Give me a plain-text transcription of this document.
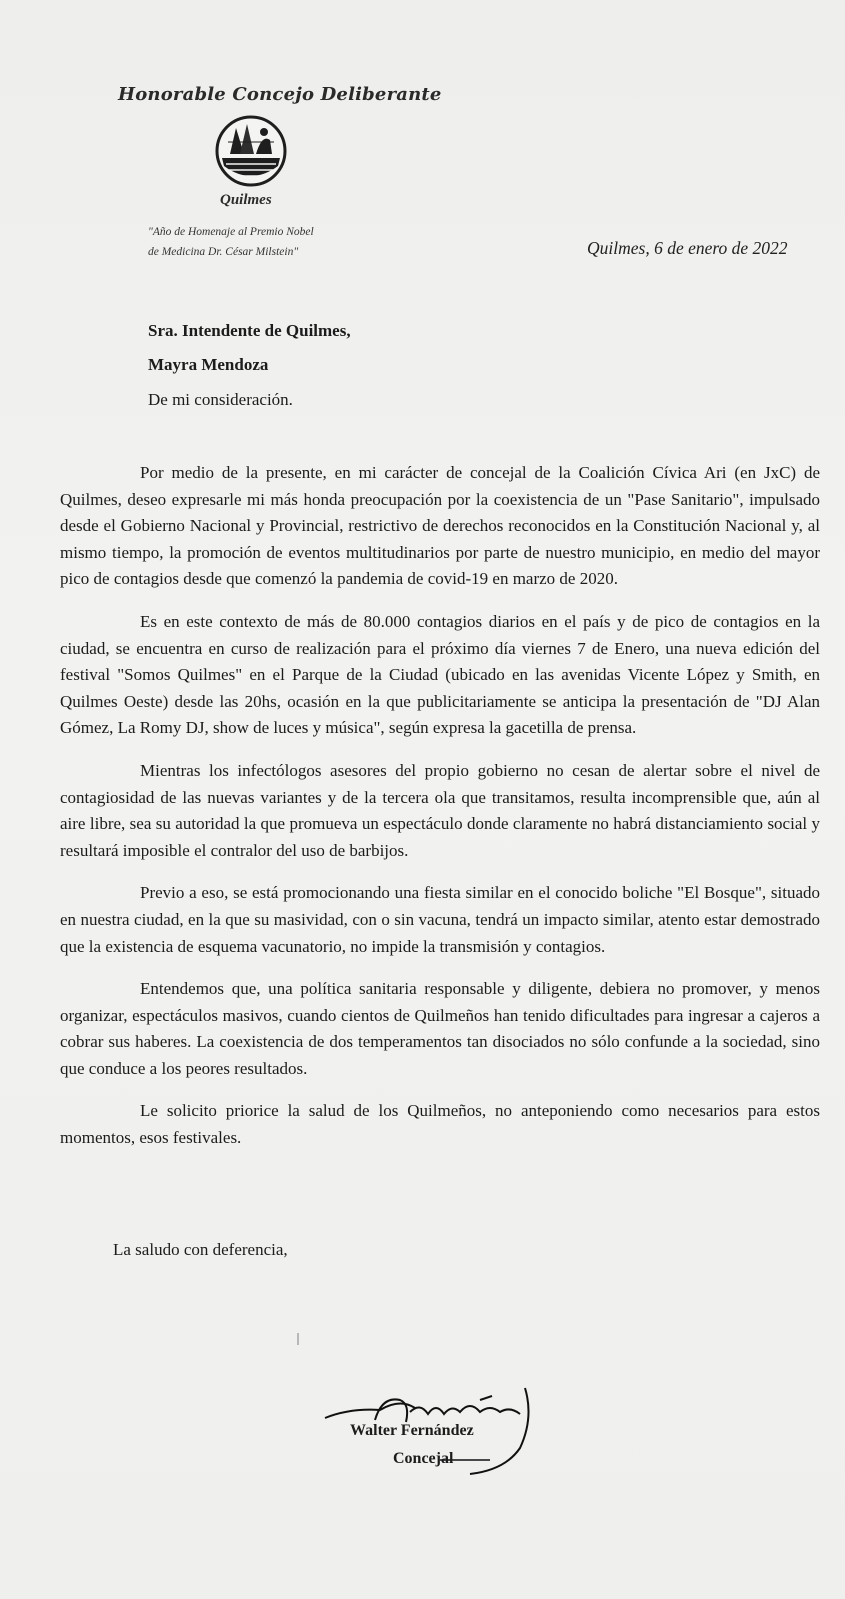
Honorable Concejo Deliberante
Quilmes
"Año de Homenaje al Premio Nobel
de Medicina Dr. César Milstein"	Quilmes, 6 de enero de 2022
Sra. Intendente de Quilmes,
Mayra Mendoza
De mi consideración.

Por medio de la presente, en mi carácter de concejal de la Coalición Cívica Ari (en JxC) de Quilmes, deseo expresarle mi más honda preocupación por la coexistencia de un "Pase Sanitario", impulsado desde el Gobierno Nacional y Provincial, restrictivo de derechos reconocidos en la Constitución Nacional y, al mismo tiempo, la promoción de eventos multitudinarios por parte de nuestro municipio, en medio del mayor pico de contagios desde que comenzó la pandemia de covid-19 en marzo de 2020.

Es en este contexto de más de 80.000 contagios diarios en el país y de pico de contagios en la ciudad, se encuentra en curso de realización para el próximo día viernes 7 de Enero, una nueva edición del festival "Somos Quilmes" en el Parque de la Ciudad (ubicado en las avenidas Vicente López y Smith, en Quilmes Oeste) desde las 20hs, ocasión en la que publicitariamente se anticipa la presentación de "DJ Alan Gómez, La Romy DJ, show de luces y música", según expresa la gacetilla de prensa.

Mientras los infectólogos asesores del propio gobierno no cesan de alertar sobre el nivel de contagiosidad de las nuevas variantes y de la tercera ola que transitamos, resulta incomprensible que, aún al aire libre, sea su autoridad la que promueva un espectáculo donde claramente no habrá distanciamiento social y resultará imposible el contralor del uso de barbijos.

Previo a eso, se está promocionando una fiesta similar en el conocido boliche "El Bosque", situado en nuestra ciudad, en la que su masividad, con o sin vacuna, tendrá un impacto similar, atento estar demostrado que la existencia de esquema vacunatorio, no impide la transmisión y contagios.

Entendemos que, una política sanitaria responsable y diligente, debiera no promover, y menos organizar, espectáculos masivos, cuando cientos de Quilmeños han tenido dificultades para ingresar a cajeros a cobrar sus haberes. La coexistencia de dos temperamentos tan disociados no sólo confunde a la sociedad, sino que conduce a los peores resultados.

Le solicito priorice la salud de los Quilmeños, no anteponiendo como necesarios para estos momentos, esos festivales.

La saludo con deferencia,
Walter Fernández
Concejal
